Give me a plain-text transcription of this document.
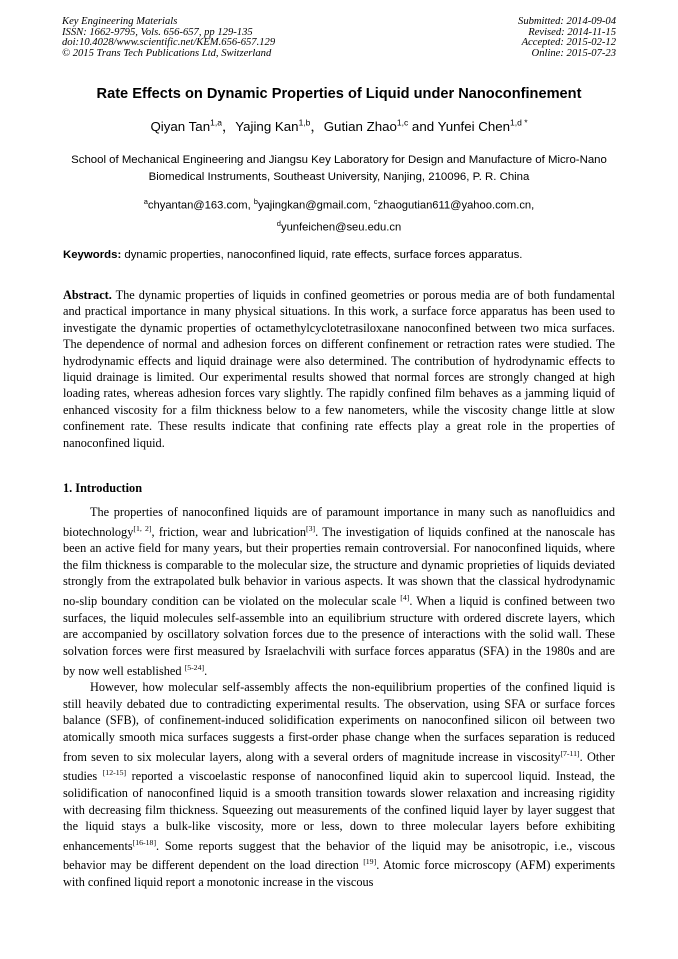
Key Engineering Materials
ISSN: 1662-9795, Vols. 656-657, pp 129-135
doi:10.4028/www.scientific.net/KEM.656-657.129
© 2015 Trans Tech Publications Ltd, Switzerland
Submitted: 2014-09-04
Revised: 2014-11-15
Accepted: 2015-02-12
Online: 2015-07-23
Rate Effects on Dynamic Properties of Liquid under Nanoconfinement
Qiyan Tan$^{1,a}$，Yajing Kan$^{1,b}$，Gutian Zhao$^{1,c}$ and Yunfei Chen$^{1,d *}$
School of Mechanical Engineering and Jiangsu Key Laboratory for Design and Manufacture of Micro-Nano Biomedical Instruments, Southeast University, Nanjing, 210096, P. R. China
$^a$chyantan@163.com, $^b$yajingkan@gmail.com, $^c$zhaogutian611@yahoo.com.cn,
$^d$yunfeichen@seu.edu.cn
Keywords: dynamic properties, nanoconfined liquid, rate effects, surface forces apparatus.
Abstract. The dynamic properties of liquids in confined geometries or porous media are of both fundamental and practical importance in many physical situations. In this work, a surface force apparatus has been used to investigate the dynamic properties of octamethylcyclotetrasiloxane nanoconfined between two mica surfaces. The dependence of normal and adhesion forces on different confinement or retraction rates were studied. The hydrodynamic effects and liquid drainage were also determined. The contribution of hydrodynamic effects to liquid drainage is limited. Our experimental results showed that normal forces are strongly changed at high loading rates, whereas adhesion forces vary slightly. The rapidly confined film behaves as a jamming liquid of enhanced viscosity for a film thickness below to a few nanometers, while the viscosity change little at slow confinement rate. These results indicate that confining rate effects play a great role in the properties of nanoconfined liquid.
1. Introduction

The properties of nanoconfined liquids are of paramount importance in many such as nanofluidics and biotechnology[1, 2], friction, wear and lubrication[3]. The investigation of liquids confined at the nanoscale has been an active field for many years, but their properties remain controversial. For nanoconfined liquids, where the film thickness is comparable to the molecular size, the structure and dynamic proprieties of liquids deviated strongly from the extrapolated bulk behavior in various aspects. It was shown that the classical hydrodynamic no-slip boundary condition can be violated on the molecular scale [4]. When a liquid is confined between two surfaces, the liquid molecules self-assemble into an equilibrium structure with ordered discrete layers, which are accompanied by oscillatory solvation forces due to the presence of interactions with the solid wall. These solvation forces were first measured by Israelachvili with surface forces apparatus (SFA) in the 1980s and are by now well established [5-24].

However, how molecular self-assembly affects the non-equilibrium properties of the confined liquid is still heavily debated due to contradicting experimental results. The observation, using SFA or surface forces balance (SFB), of confinement-induced solidification experiments on nanoconfined silicon oil between two atomically smooth mica surfaces suggests a first-order phase change when the surfaces separation is reduced from seven to six molecular layers, along with a several orders of magnitude increase in viscosity[7-11]. Other studies [12-15] reported a viscoelastic response of nanoconfined liquid akin to supercool liquid. Instead, the solidification of nanoconfined liquid is a smooth transition towards slower relaxation and increasing rigidity with decreasing film thickness. Squeezing out measurements of the confined liquid layer by layer suggest that the liquid stays a bulk-like viscosity, more or less, down to three molecular layers before exhibiting enhancements[16-18]. Some reports suggest that the behavior of the liquid may be anisotropic, i.e., viscous behavior may be different dependent on the load direction [19]. Atomic force microscopy (AFM) experiments with confined liquid report a monotonic increase in the viscous
